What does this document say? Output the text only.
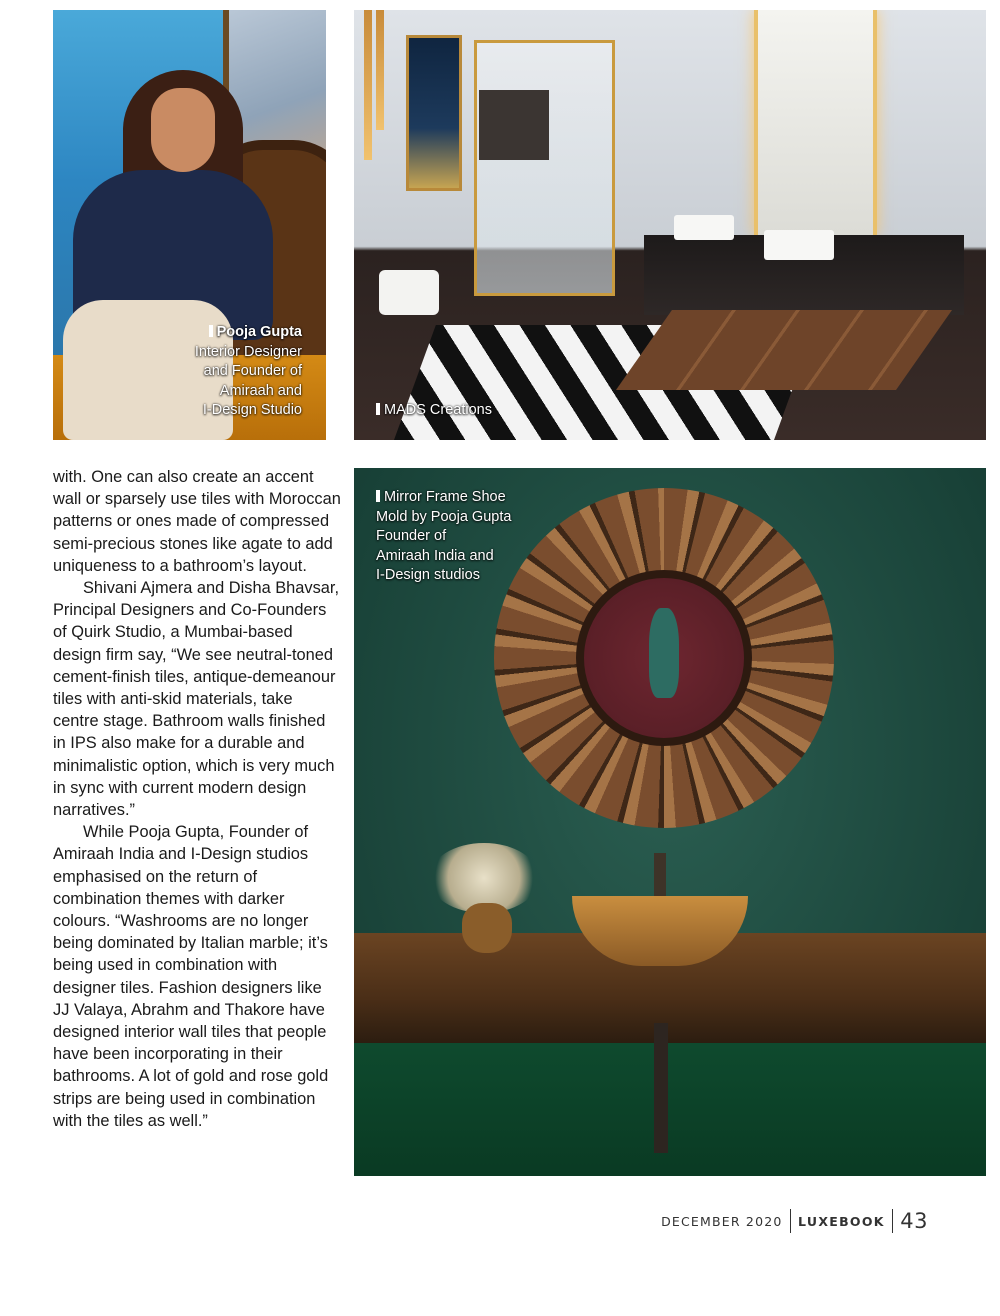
Pooja Gupta
Interior Designer
and Founder of
Amiraah and
I-Design Studio	MADS Creations

with. One can also create an accent wall or sparsely use tiles with Moroccan patterns or ones made of compressed semi-precious stones like agate to add uniqueness to a bathroom’s layout.

Shivani Ajmera and Disha Bhavsar, Principal Designers and Co-Founders of Quirk Studio, a Mumbai-based design firm say, “We see neutral-toned cement-finish tiles, antique-demeanour tiles with anti-skid materials, take centre stage. Bathroom walls finished in IPS also make for a durable and minimalistic option, which is very much in sync with current modern design narratives.”

While Pooja Gupta, Founder of Amiraah India and I-Design studios emphasised on the return of combination themes with darker colours. “Washrooms are no longer being dominated by Italian marble; it’s being used in combination with designer tiles. Fashion designers like JJ Valaya, Abrahm and Thakore have designed interior wall tiles that people have been incorporating in their bathrooms. A lot of gold and rose gold strips are being used in combination with the tiles as well.”

Mirror Frame Shoe
Mold by Pooja Gupta
Founder of
Amiraah India and
I-Design studios
DECEMBER 2020 LUXEBOOK 43
